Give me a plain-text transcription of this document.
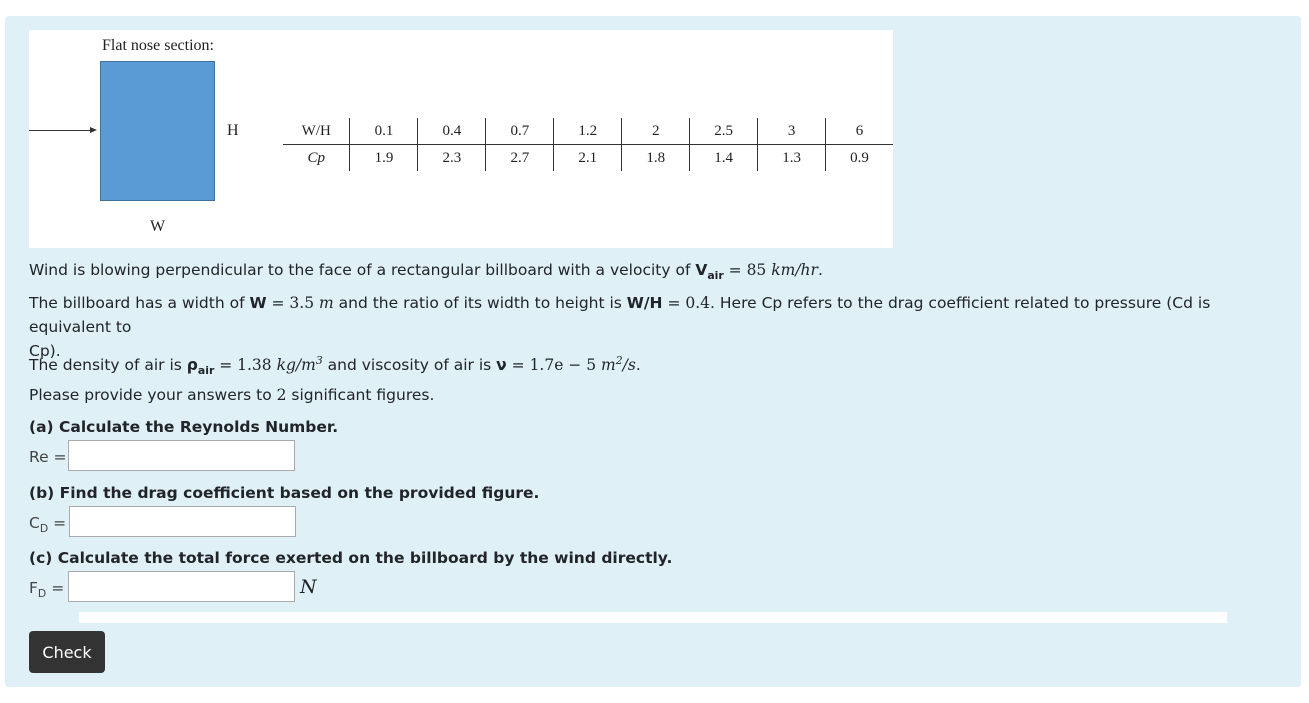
Flat nose section:
H
W
W/H	0.1	0.4	0.7	1.2	2	2.5	3	6
Cp	1.9	2.3	2.7	2.1	1.8	1.4	1.3	0.9
Wind is blowing perpendicular to the face of a rectangular billboard with a velocity of $V_{air} = 85$ km/hr.
The billboard has a width of W = 3.5 m and the ratio of its width to height is W/H = 0.4. Here Cp refers to the drag coefficient related to pressure (Cd is equivalent to
Cp).
The density of air is $\rho_{air} = 1.38$ $kg/m^3$ and viscosity of air is ν = 1.7e − 5 $m^2/s$.
Please provide your answers to 2 significant figures.
(a) Calculate the Reynolds Number.
Re =
(b) Find the drag coefficient based on the provided figure.
$C_D$ =
(c) Calculate the total force exerted on the billboard by the wind directly.
$F_D$ =	N
Check
